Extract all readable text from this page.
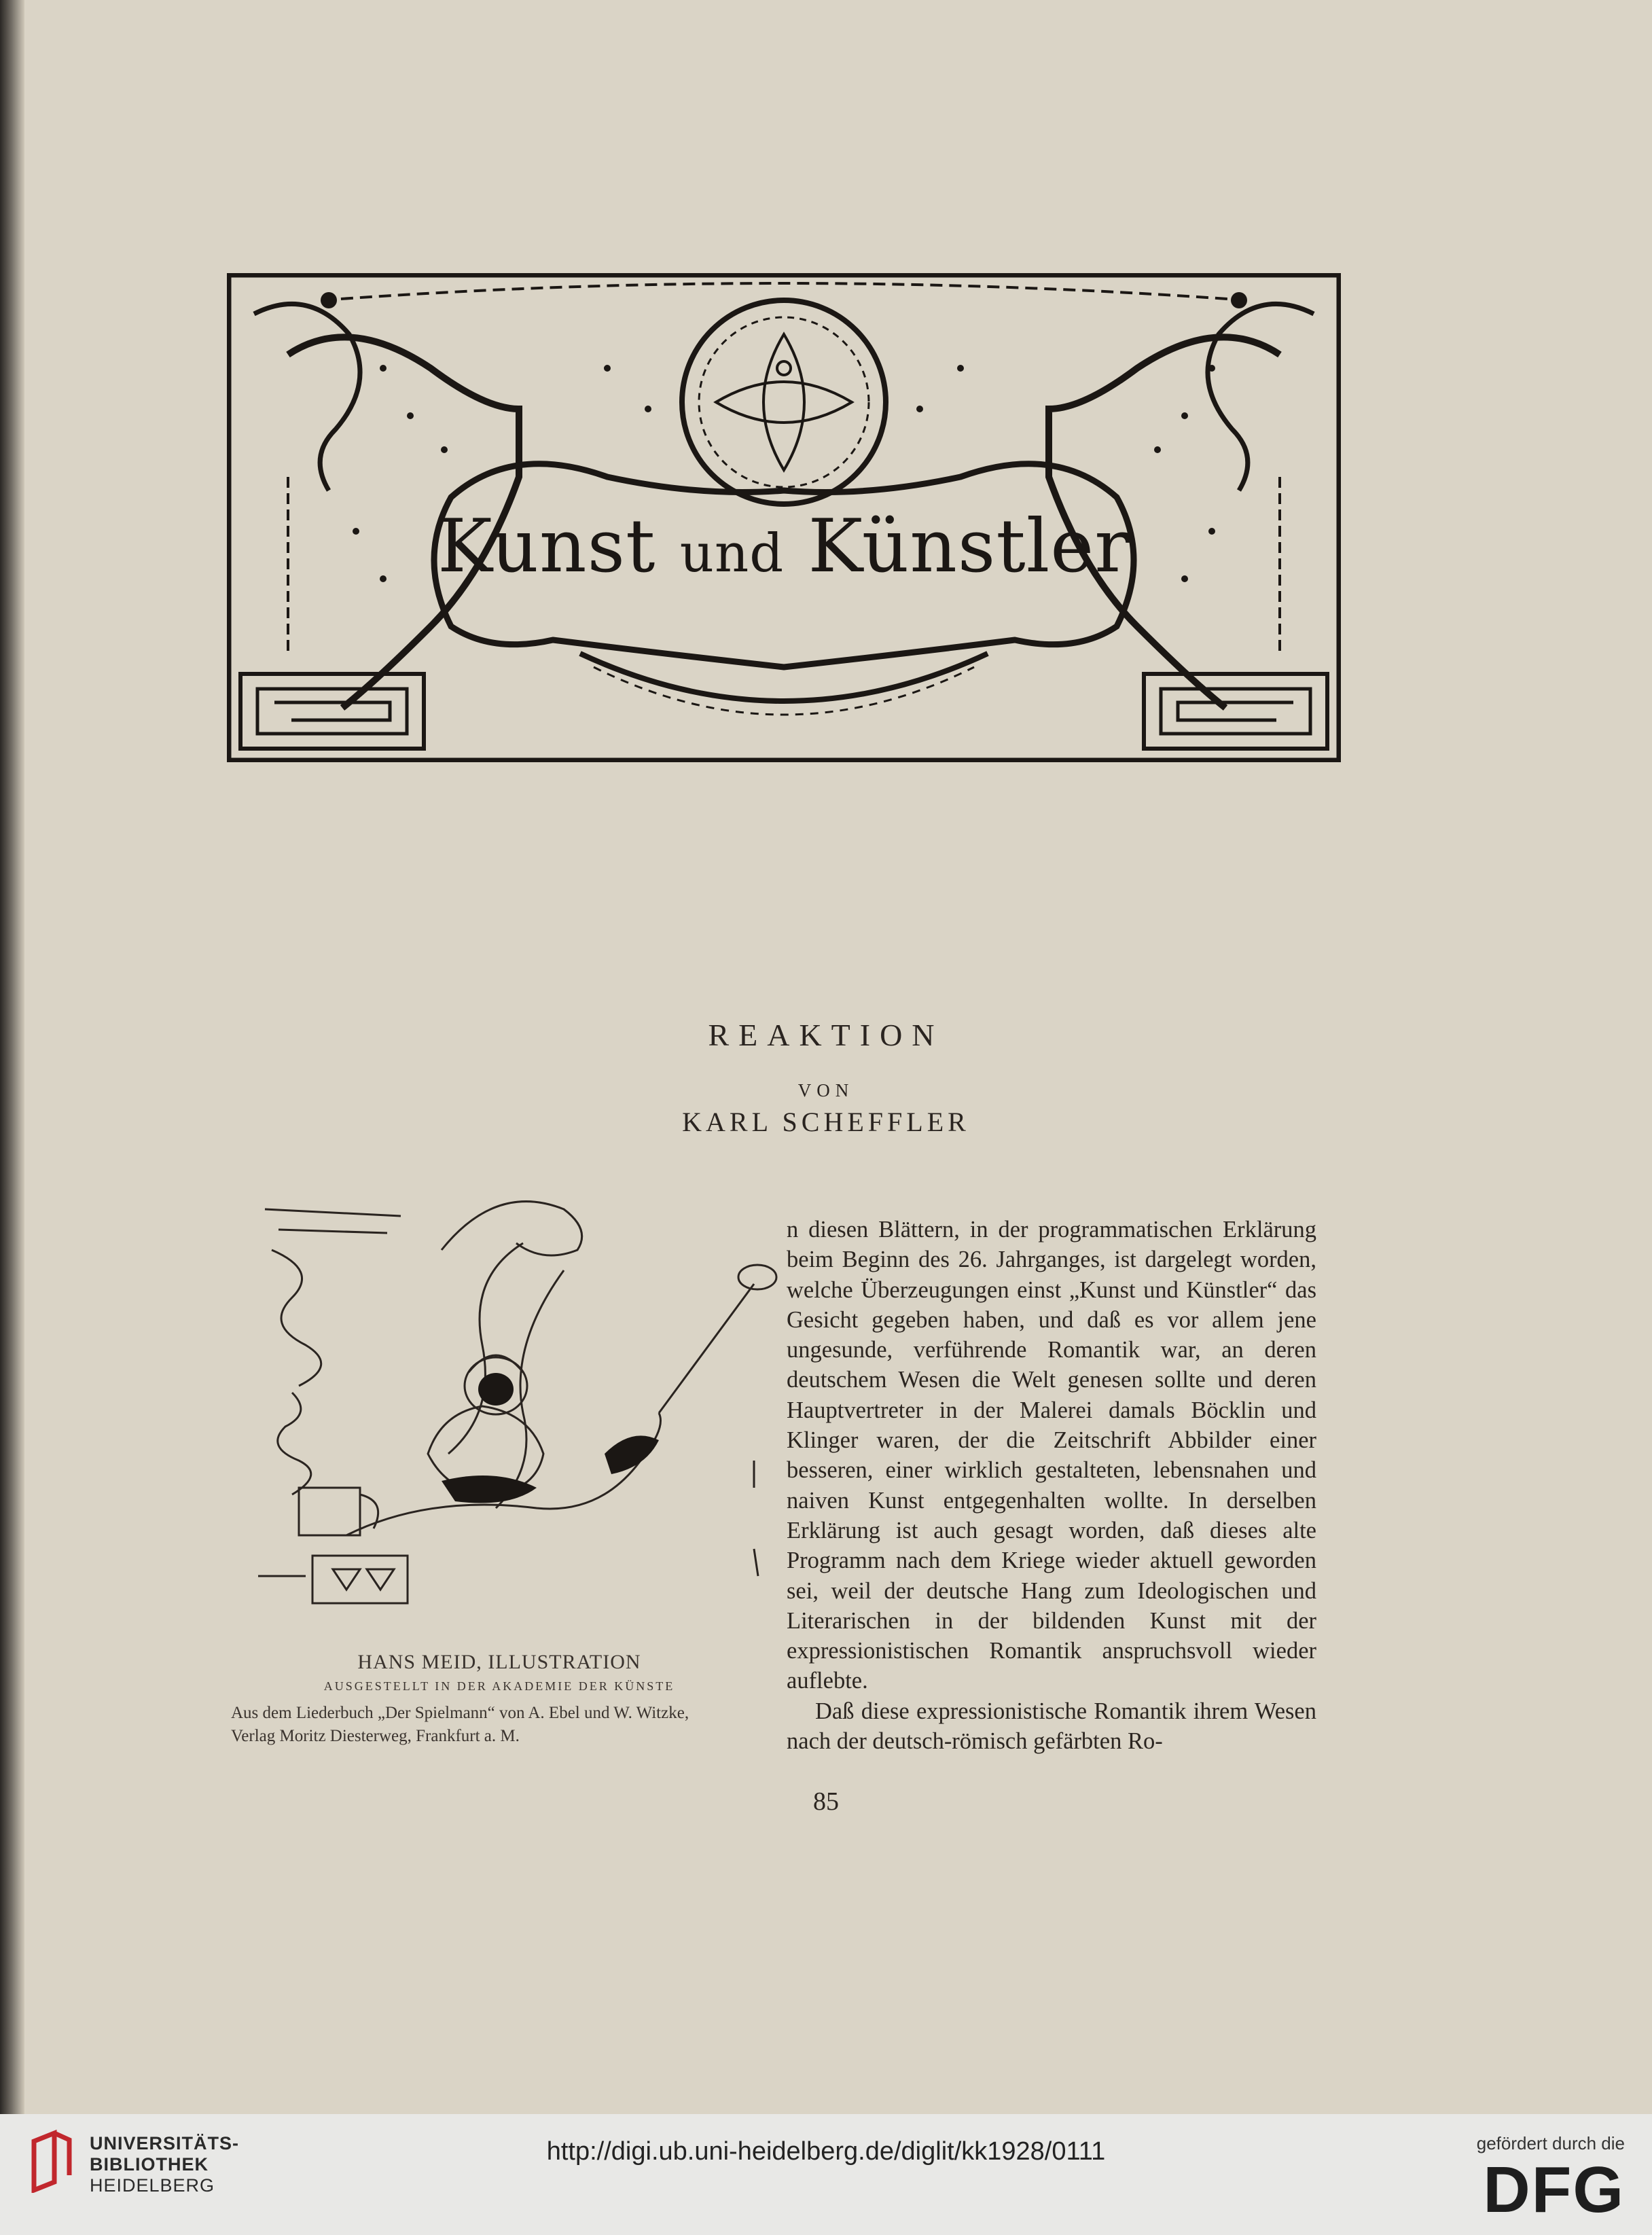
Kunst und Künstler
REAKTION
VON
KARL SCHEFFLER
HANS MEID, ILLUSTRATION
AUSGESTELLT IN DER AKADEMIE DER KÜNSTE
Aus dem Liederbuch „Der Spielmann“ von A. Ebel und W. Witzke,
Verlag Moritz Diesterweg, Frankfurt a. M.

n diesen Blättern, in der programmatischen Erklärung beim Beginn des 26. Jahrganges, ist dargelegt worden, welche Überzeugungen einst „Kunst und Künstler“ das Gesicht gegeben haben, und daß es vor allem jene ungesunde, verführende Romantik war, an deren deutschem Wesen die Welt genesen sollte und deren Hauptvertreter in der Malerei damals Böcklin und Klinger waren, der die Zeitschrift Abbilder einer besseren, einer wirklich gestalteten, lebensnahen und naiven Kunst entgegenhalten wollte. In derselben Erklärung ist auch gesagt worden, daß dieses alte Programm nach dem Kriege wieder aktuell geworden sei, weil der deutsche Hang zum Ideologischen und Literarischen in der bildenden Kunst mit der expressionistischen Romantik anspruchsvoll wieder auflebte.

Daß diese expressionistische Romantik ihrem Wesen nach der deutsch-römisch gefärbten Ro-

85
UNIVERSITÄTS-
BIBLIOTHEK
HEIDELBERG
http://digi.ub.uni-heidelberg.de/diglit/kk1928/0111	gefördert durch die
DFG
